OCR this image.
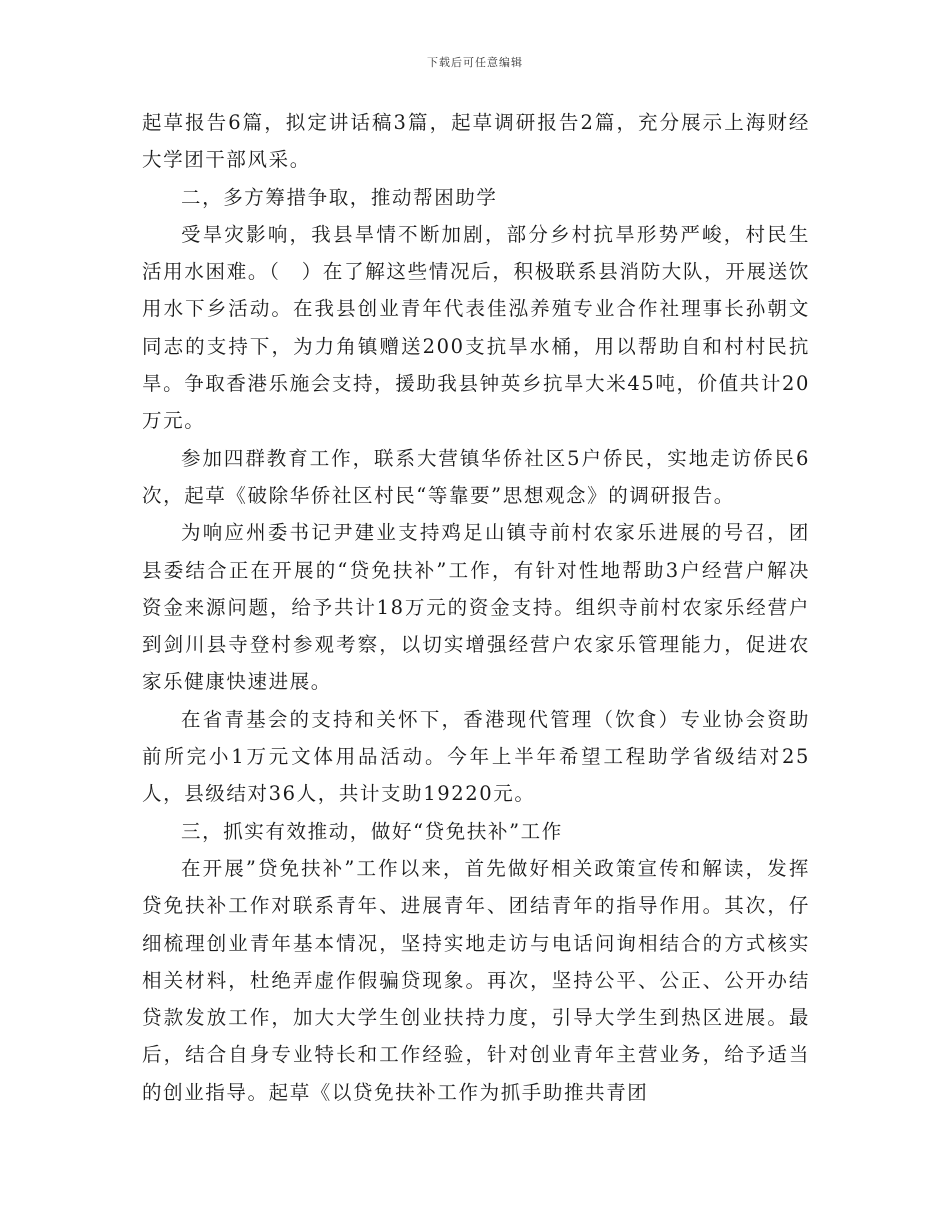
下载后可任意编辑

起草报告6篇，拟定讲话稿3篇，起草调研报告2篇，充分展示上海财经大学团干部风采。

二，多方筹措争取，推动帮困助学

受旱灾影响，我县旱情不断加剧，部分乡村抗旱形势严峻，村民生活用水困难。（　）在了解这些情况后，积极联系县消防大队，开展送饮用水下乡活动。在我县创业青年代表佳泓养殖专业合作社理事长孙朝文同志的支持下，为力角镇赠送200支抗旱水桶，用以帮助自和村村民抗旱。争取香港乐施会支持，援助我县钟英乡抗旱大米45吨，价值共计20万元。

参加四群教育工作，联系大营镇华侨社区5户侨民，实地走访侨民6次，起草《破除华侨社区村民“等靠要”思想观念》的调研报告。

为响应州委书记尹建业支持鸡足山镇寺前村农家乐进展的号召，团县委结合正在开展的“贷免扶补”工作，有针对性地帮助3户经营户解决资金来源问题，给予共计18万元的资金支持。组织寺前村农家乐经营户到剑川县寺登村参观考察，以切实增强经营户农家乐管理能力，促进农家乐健康快速进展。

在省青基会的支持和关怀下，香港现代管理（饮食）专业协会资助前所完小1万元文体用品活动。今年上半年希望工程助学省级结对25人，县级结对36人，共计支助19220元。

三，抓实有效推动，做好“贷免扶补”工作

在开展”贷免扶补”工作以来，首先做好相关政策宣传和解读，发挥贷免扶补工作对联系青年、进展青年、团结青年的指导作用。其次，仔细梳理创业青年基本情况，坚持实地走访与电话问询相结合的方式核实相关材料，杜绝弄虚作假骗贷现象。再次，坚持公平、公正、公开办结贷款发放工作，加大大学生创业扶持力度，引导大学生到热区进展。最后，结合自身专业特长和工作经验，针对创业青年主营业务，给予适当的创业指导。起草《以贷免扶补工作为抓手助推共青团
